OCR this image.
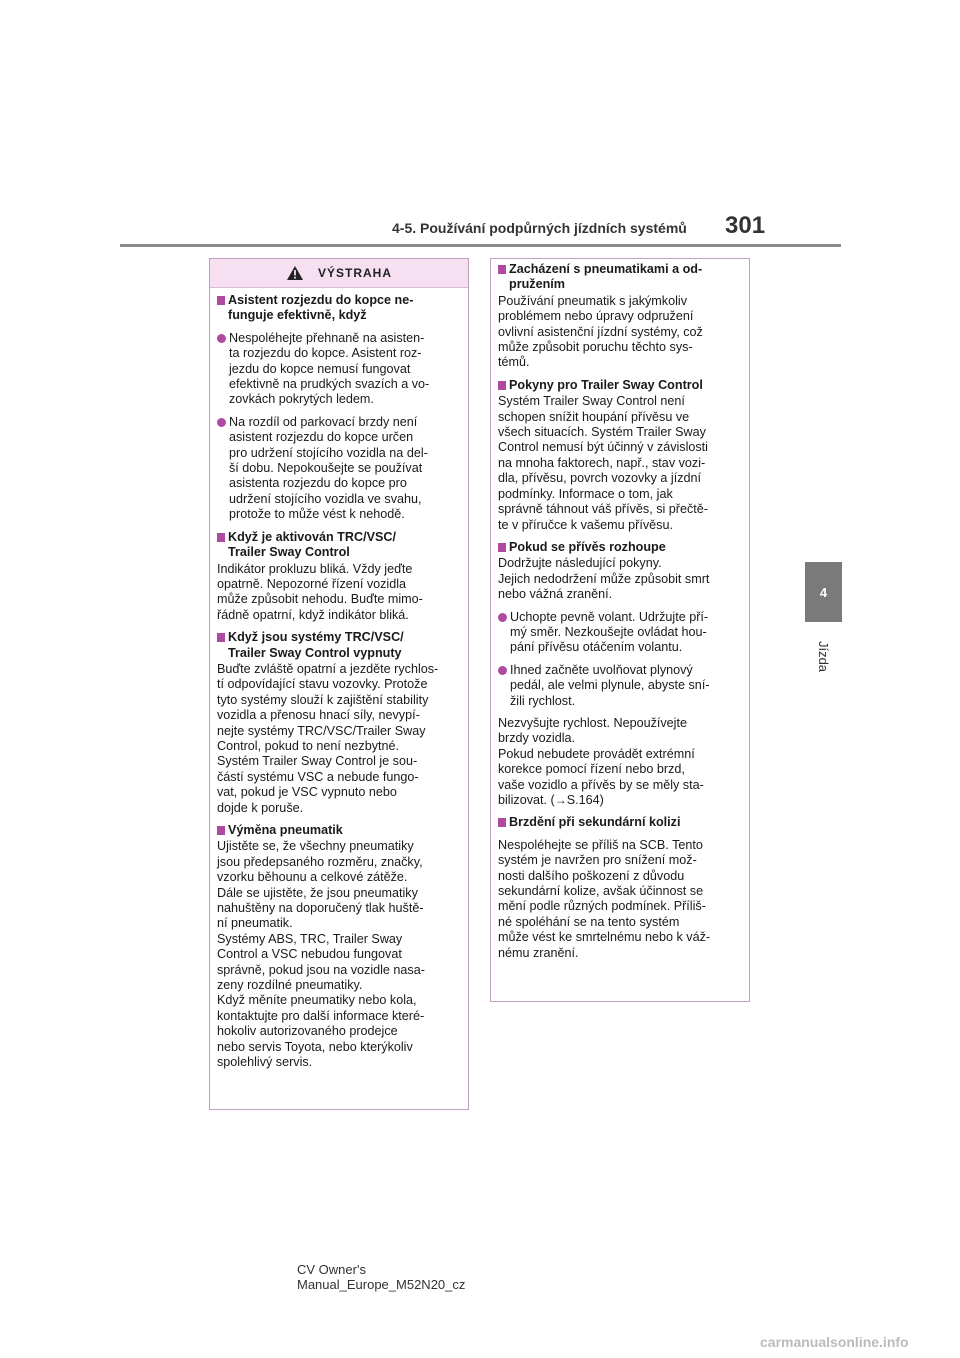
4-5. Používání podpůrných jízdních systémů	301
4
Jízda
VÝSTRAHA
Asistent rozjezdu do kopce ne-
funguje efektivně, když
Nespoléhejte přehnaně na asisten-
ta rozjezdu do kopce. Asistent roz-
jezdu do kopce nemusí fungovat
efektivně na prudkých svazích a vo-
zovkách pokrytých ledem.
Na rozdíl od parkovací brzdy není
asistent rozjezdu do kopce určen
pro udržení stojícího vozidla na del-
ší dobu. Nepokoušejte se používat
asistenta rozjezdu do kopce pro
udržení stojícího vozidla ve svahu,
protože to může vést k nehodě.
Když je aktivován TRC/VSC/
Trailer Sway Control
Indikátor prokluzu bliká. Vždy jeďte
opatrně. Nepozorné řízení vozidla
může způsobit nehodu. Buďte mimo-
řádně opatrní, když indikátor bliká.
Když jsou systémy TRC/VSC/
Trailer Sway Control vypnuty
Buďte zvláště opatrní a jezděte rychlos-
tí odpovídající stavu vozovky. Protože
tyto systémy slouží k zajištění stability
vozidla a přenosu hnací síly, nevypí-
nejte systémy TRC/VSC/Trailer Sway
Control, pokud to není nezbytné.
Systém Trailer Sway Control je sou-
částí systému VSC a nebude fungo-
vat, pokud je VSC vypnuto nebo
dojde k poruše.
Výměna pneumatik
Ujistěte se, že všechny pneumatiky
jsou předepsaného rozměru, značky,
vzorku běhounu a celkové zátěže.
Dále se ujistěte, že jsou pneumatiky
nahuštěny na doporučený tlak huště-
ní pneumatik.
Systémy ABS, TRC, Trailer Sway
Control a VSC nebudou fungovat
správně, pokud jsou na vozidle nasa-
zeny rozdílné pneumatiky.
Když měníte pneumatiky nebo kola,
kontaktujte pro další informace které-
hokoliv autorizovaného prodejce
nebo servis Toyota, nebo kterýkoliv
spolehlivý servis.
Zacházení s pneumatikami a od-
pružením
Používání pneumatik s jakýmkoliv
problémem nebo úpravy odpružení
ovlivní asistenční jízdní systémy, což
může způsobit poruchu těchto sys-
témů.
Pokyny pro Trailer Sway Control
Systém Trailer Sway Control není
schopen snížit houpání přívěsu ve
všech situacích. Systém Trailer Sway
Control nemusí být účinný v závislosti
na mnoha faktorech, např., stav vozi-
dla, přívěsu, povrch vozovky a jízdní
podmínky. Informace o tom, jak
správně táhnout váš přívěs, si přečtě-
te v příručce k vašemu přívěsu.
Pokud se přívěs rozhoupe
Dodržujte následující pokyny.
Jejich nedodržení může způsobit smrt
nebo vážná zranění.
Uchopte pevně volant. Udržujte pří-
mý směr. Nezkoušejte ovládat hou-
pání přívěsu otáčením volantu.
Ihned začněte uvolňovat plynový
pedál, ale velmi plynule, abyste sní-
žili rychlost.
Nezvyšujte rychlost. Nepoužívejte
brzdy vozidla.
Pokud nebudete provádět extrémní
korekce pomocí řízení nebo brzd,
vaše vozidlo a přívěs by se měly sta-
bilizovat. (→S.164)
Brzdění při sekundární kolizi
Nespoléhejte se příliš na SCB. Tento
systém je navržen pro snížení mož-
nosti dalšího poškození z důvodu
sekundární kolize, avšak účinnost se
mění podle různých podmínek. Příliš-
né spoléhání se na tento systém
může vést ke smrtelnému nebo k váž-
nému zranění.
CV Owner's Manual_Europe_M52N20_cz
carmanualsonline.info
